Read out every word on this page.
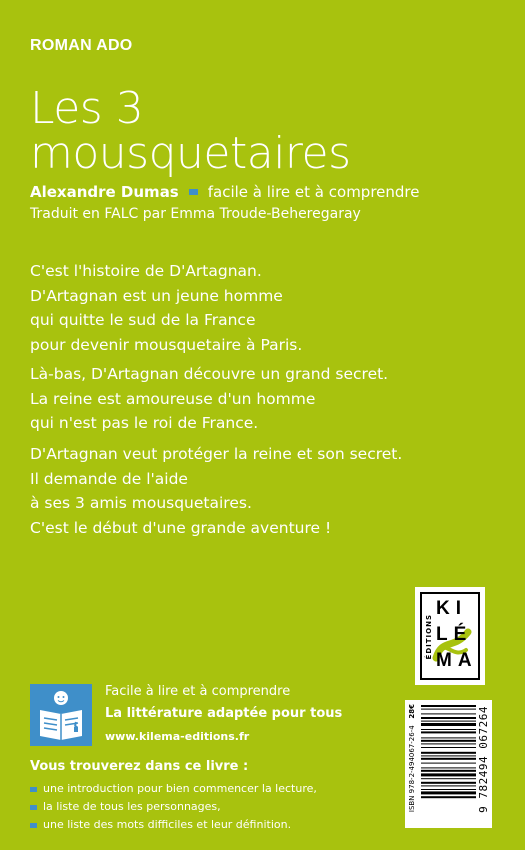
ROMAN ADO
Les 3
mousquetaires
Alexandre Dumas facile à lire et à comprendre
Traduit en FALC par Emma Troude-Beheregaray
C'est l'histoire de D'Artagnan.
D'Artagnan est un jeune homme
qui quitte le sud de la France
pour devenir mousquetaire à Paris.
Là-bas, D'Artagnan découvre un grand secret.
La reine est amoureuse d'un homme
qui n'est pas le roi de France.
D'Artagnan veut protéger la reine et son secret.
Il demande de l'aide
à ses 3 amis mousquetaires.
C'est le début d'une grande aventure !
ÉDITIONS
KI
LÉ
MA
Facile à lire et à comprendre
La littérature adaptée pour tous
www.kilema-editions.fr
Vous trouverez dans ce livre :
une introduction pour bien commencer la lecture,
la liste de tous les personnages,
une liste des mots difficiles et leur définition.
ISBN 978-2-494067-26-4   28€	9 782494 067264
